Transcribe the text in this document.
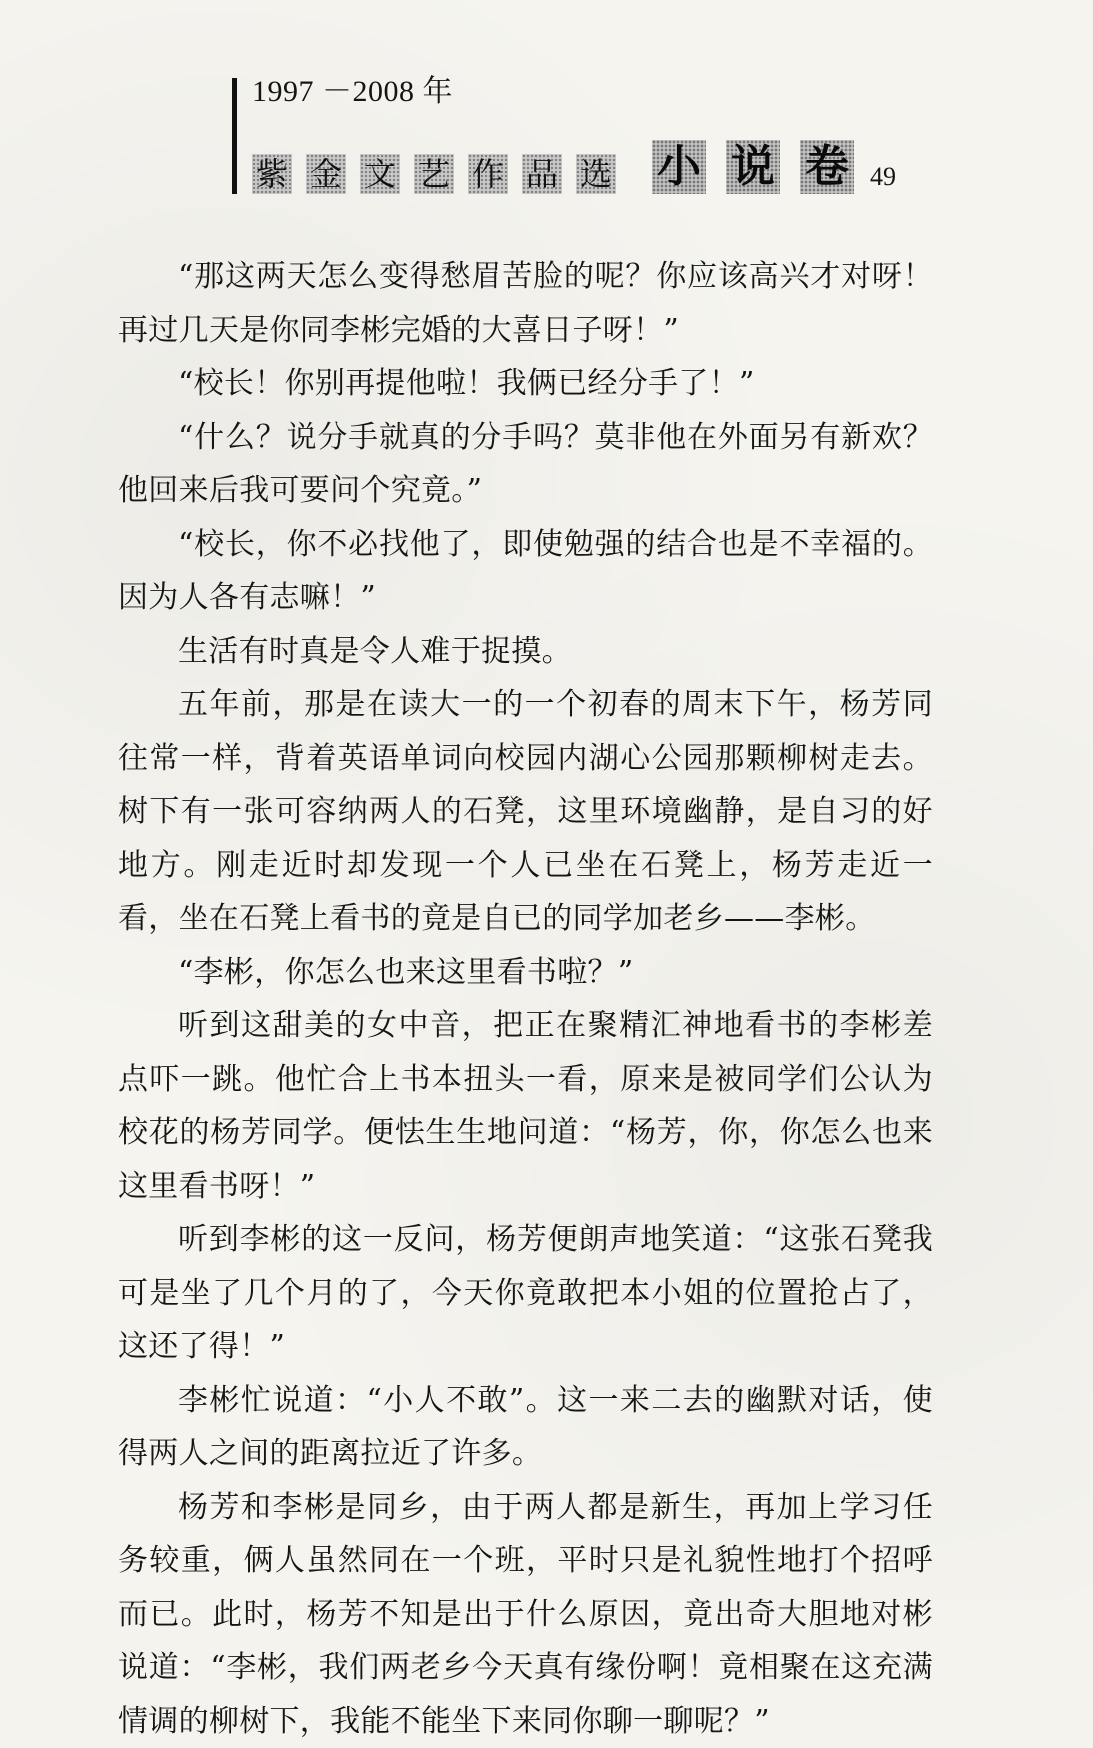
1997 －2008 年
紫 金 文 艺 作 品 选 小 说 卷 49

“那这两天怎么变得愁眉苦脸的呢？你应该高兴才对呀！再过几天是你同李彬完婚的大喜日子呀！”

“校长！你别再提他啦！我俩已经分手了！”

“什么？说分手就真的分手吗？莫非他在外面另有新欢？他回来后我可要问个究竟。”

“校长，你不必找他了，即使勉强的结合也是不幸福的。因为人各有志嘛！”

生活有时真是令人难于捉摸。

五年前，那是在读大一的一个初春的周末下午，杨芳同往常一样，背着英语单词向校园内湖心公园那颗柳树走去。树下有一张可容纳两人的石凳，这里环境幽静，是自习的好地方。刚走近时却发现一个人已坐在石凳上，杨芳走近一看，坐在石凳上看书的竟是自已的同学加老乡——李彬。

“李彬，你怎么也来这里看书啦？”

听到这甜美的女中音，把正在聚精汇神地看书的李彬差点吓一跳。他忙合上书本扭头一看，原来是被同学们公认为校花的杨芳同学。便怯生生地问道：“杨芳，你，你怎么也来这里看书呀！”

听到李彬的这一反问，杨芳便朗声地笑道：“这张石凳我可是坐了几个月的了，今天你竟敢把本小姐的位置抢占了，这还了得！”

李彬忙说道：“小人不敢”。这一来二去的幽默对话，使得两人之间的距离拉近了许多。

杨芳和李彬是同乡，由于两人都是新生，再加上学习任务较重，俩人虽然同在一个班，平时只是礼貌性地打个招呼而已。此时，杨芳不知是出于什么原因，竟出奇大胆地对彬说道：“李彬，我们两老乡今天真有缘份啊！竟相聚在这充满情调的柳树下，我能不能坐下来同你聊一聊呢？”
